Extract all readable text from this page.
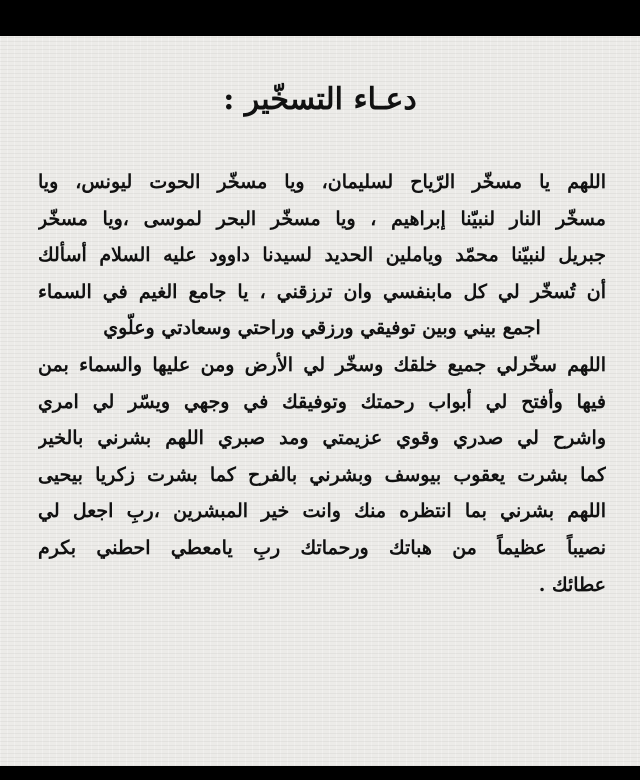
دعـاء التسخّير :
اللهم يا مسخّر الرّياح لسليمان، ويا مسخّر الحوت ليونس، ويا
مسخّر النار لنبيّنا إبراهيم ، ويا مسخّر البحر لموسى ،ويا مسخّر
جبريل لنبيّنا محمّد وياملين الحديد لسيدنا داوود عليه السلام أسألك
أن تُسخّر لي كل مابنفسي وان ترزقني ، يا جامع الغيم في السماء
اجمع بيني وبين توفيقي ورزقي وراحتي وسعادتي وعلّوي
اللهم سخّرلي جميع خلقك وسخّر لي الأرض ومن عليها والسماء بمن
فيها وأفتح لي أبواب رحمتك وتوفيقك في وجهي ويسّر لي امري
واشرح لي صدري وقوي عزيمتي ومد صبري اللهم بشرني بالخير
كما بشرت يعقوب بيوسف وبشرني بالفرح كما بشرت زكريا بيحيى
اللهم بشرني بما انتظره منك وانت خير المبشرين ،ربِ اجعل لي
نصيباً عظيماً من هباتك ورحماتك ربِ يامعطي احطني بكرم
عطائك .
